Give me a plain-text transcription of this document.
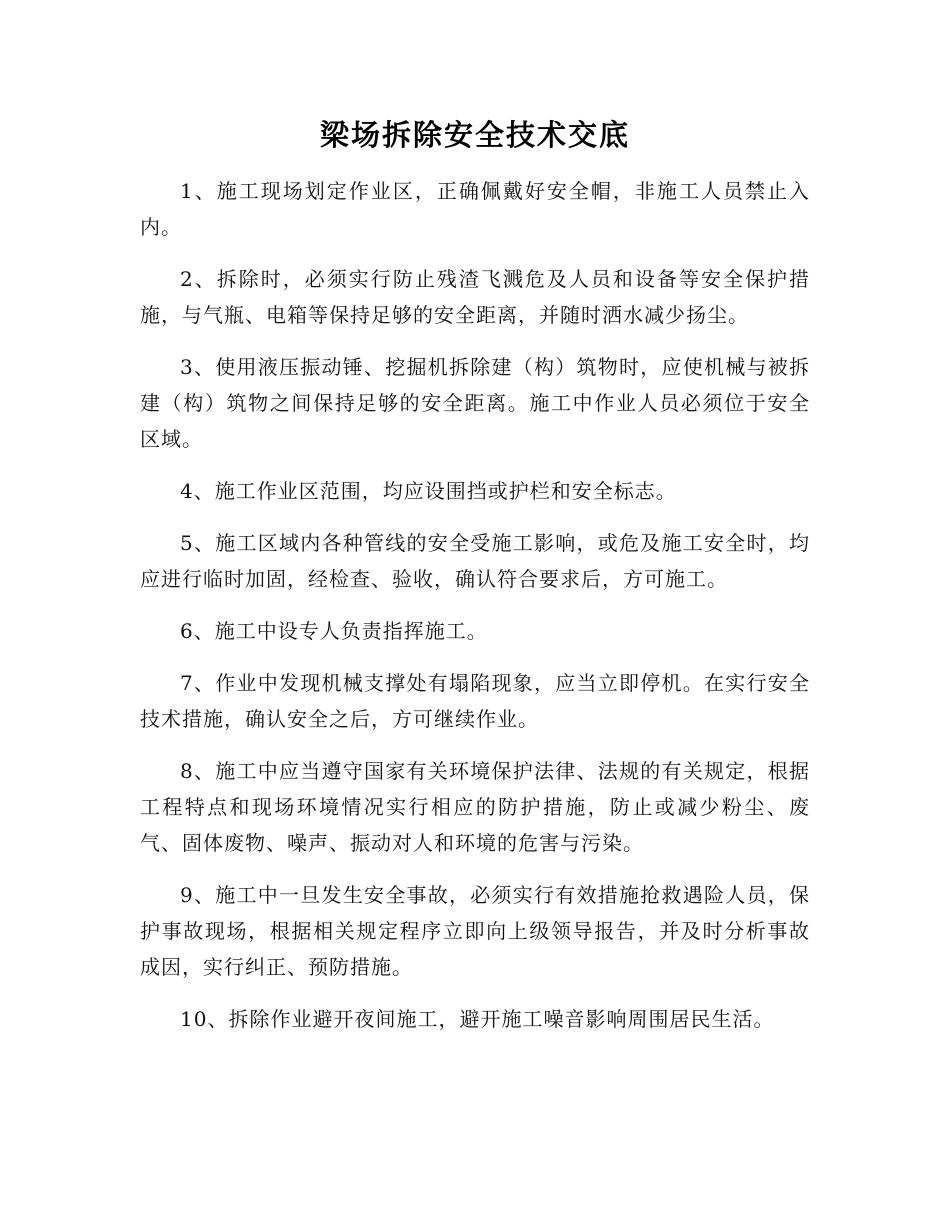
梁场拆除安全技术交底

1、施工现场划定作业区，正确佩戴好安全帽，非施工人员禁止入内。

2、拆除时，必须实行防止残渣飞溅危及人员和设备等安全保护措施，与气瓶、电箱等保持足够的安全距离，并随时洒水减少扬尘。

3、使用液压振动锤、挖掘机拆除建（构）筑物时，应使机械与被拆建（构）筑物之间保持足够的安全距离。施工中作业人员必须位于安全区域。

4、施工作业区范围，均应设围挡或护栏和安全标志。

5、施工区域内各种管线的安全受施工影响，或危及施工安全时，均应进行临时加固，经检查、验收，确认符合要求后，方可施工。

6、施工中设专人负责指挥施工。

7、作业中发现机械支撑处有塌陷现象，应当立即停机。在实行安全技术措施，确认安全之后，方可继续作业。

8、施工中应当遵守国家有关环境保护法律、法规的有关规定，根据工程特点和现场环境情况实行相应的防护措施，防止或减少粉尘、废气、固体废物、噪声、振动对人和环境的危害与污染。

9、施工中一旦发生安全事故，必须实行有效措施抢救遇险人员，保护事故现场，根据相关规定程序立即向上级领导报告，并及时分析事故成因，实行纠正、预防措施。

10、拆除作业避开夜间施工，避开施工噪音影响周围居民生活。
